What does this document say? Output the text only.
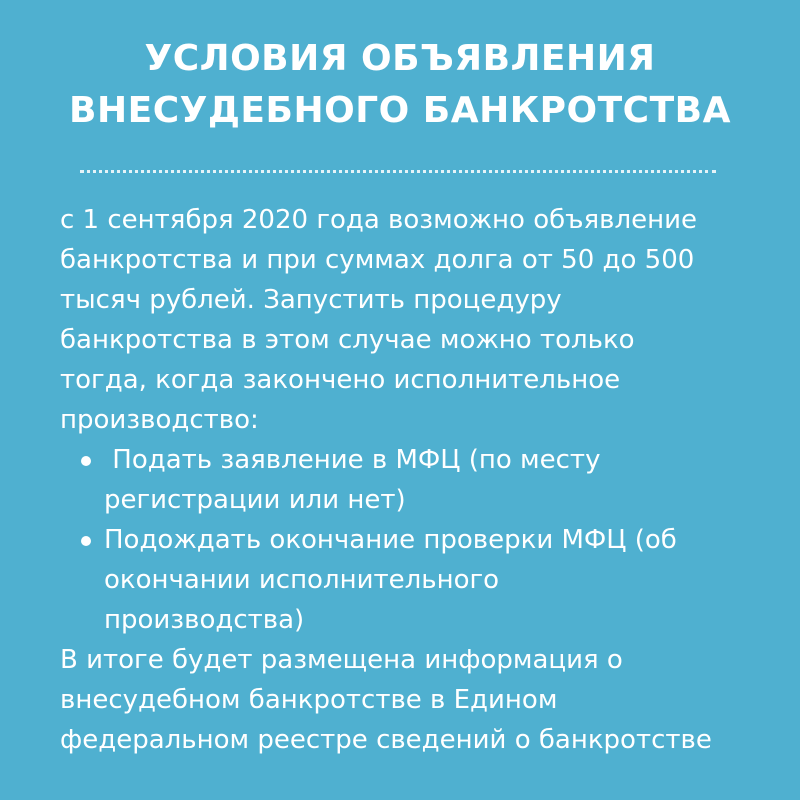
УСЛОВИЯ ОБЪЯВЛЕНИЯ
ВНЕСУДЕБНОГО БАНКРОТСТВА

с 1 сентября 2020 года возможно объявление
банкротства и при суммах долга от 50 до 500
тысяч рублей. Запустить процедуру
банкротства в этом случае можно только
тогда, когда закончено исполнительное
производство:

Подать заявление в МФЦ (по месту
регистрации или нет)
Подождать окончание проверки МФЦ (об
окончании исполнительного
производства)

В итоге будет размещена информация о
внесудебном банкротстве в Едином
федеральном реестре сведений о банкротстве
